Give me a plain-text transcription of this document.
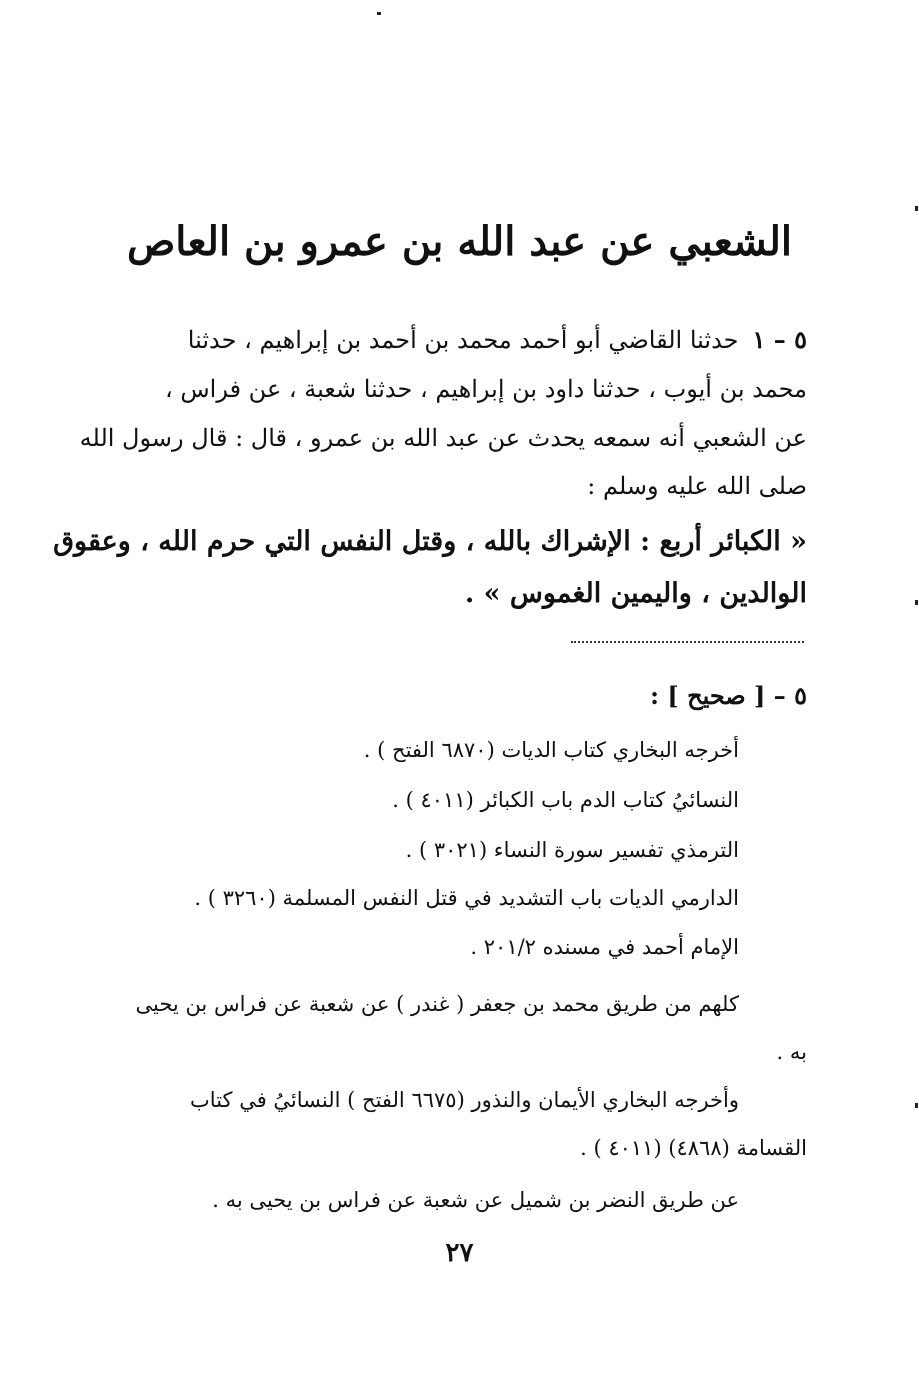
الشعبي عن عبد الله بن عمرو بن العاص
٥ – ١حدثنا القاضي أبو أحمد محمد بن أحمد بن إبراهيم ، حدثنا
محمد بن أيوب ، حدثنا داود بن إبراهيم ، حدثنا شعبة ، عن فراس ،
عن الشعبي أنه سمعه يحدث عن عبد الله بن عمرو ، قال : قال رسول الله
صلى الله عليه وسلم :
« الكبائر أربع : الإشراك بالله ، وقتل النفس التي حرم الله ، وعقوق
الوالدين ، واليمين الغموس » .
٥ – [ صحيح ] :
أخرجه البخاري كتاب الديات (٦٨٧٠ الفتح ) .
النسائيُ كتاب الدم باب الكبائر (٤٠١١ ) .
الترمذي تفسير سورة النساء (٣٠٢١ ) .
الدارمي الديات باب التشديد في قتل النفس المسلمة (٣٢٦٠ ) .
الإمام أحمد في مسنده ٢٠١/٢ .
كلهم من طريق محمد بن جعفر ( غندر ) عن شعبة عن فراس بن يحيى
به .
وأخرجه البخاري الأيمان والنذور (٦٦٧٥ الفتح ) النسائيُ في كتاب
القسامة (٤٨٦٨) (٤٠١١ ) .
عن طريق النضر بن شميل عن شعبة عن فراس بن يحيى به .
٢٧
